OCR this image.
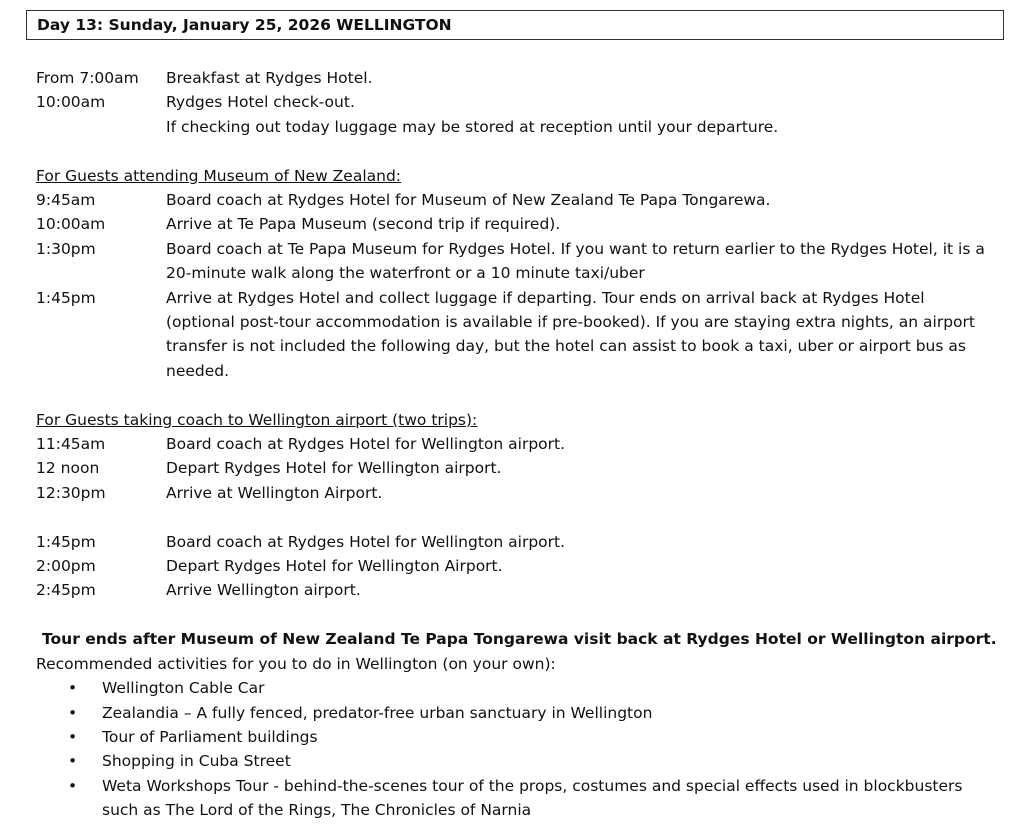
Day 13: Sunday, January 25, 2026 WELLINGTON
From 7:00am	Breakfast at Rydges Hotel.
10:00am	Rydges Hotel check-out.
If checking out today luggage may be stored at reception until your departure.
For Guests attending Museum of New Zealand:
9:45am	Board coach at Rydges Hotel for Museum of New Zealand Te Papa Tongarewa.
10:00am	Arrive at Te Papa Museum (second trip if required).
1:30pm	Board coach at Te Papa Museum for Rydges Hotel. If you want to return earlier to the Rydges Hotel, it is a 20-minute walk along the waterfront or a 10 minute taxi/uber
1:45pm	Arrive at Rydges Hotel and collect luggage if departing. Tour ends on arrival back at Rydges Hotel (optional post-tour accommodation is available if pre-booked). If you are staying extra nights, an airport transfer is not included the following day, but the hotel can assist to book a taxi, uber or airport bus as needed.
For Guests taking coach to Wellington airport (two trips):
11:45am	Board coach at Rydges Hotel for Wellington airport.
12 noon	Depart Rydges Hotel for Wellington airport.
12:30pm	Arrive at Wellington Airport.
1:45pm	Board coach at Rydges Hotel for Wellington airport.
2:00pm	Depart Rydges Hotel for Wellington Airport.
2:45pm	Arrive Wellington airport.
Tour ends after Museum of New Zealand Te Papa Tongarewa visit back at Rydges Hotel or Wellington airport.
Recommended activities for you to do in Wellington (on your own):
•	Wellington Cable Car
•	Zealandia – A fully fenced, predator-free urban sanctuary in Wellington
•	Tour of Parliament buildings
•	Shopping in Cuba Street
•	Weta Workshops Tour - behind-the-scenes tour of the props, costumes and special effects used in blockbusters such as The Lord of the Rings, The Chronicles of Narnia
